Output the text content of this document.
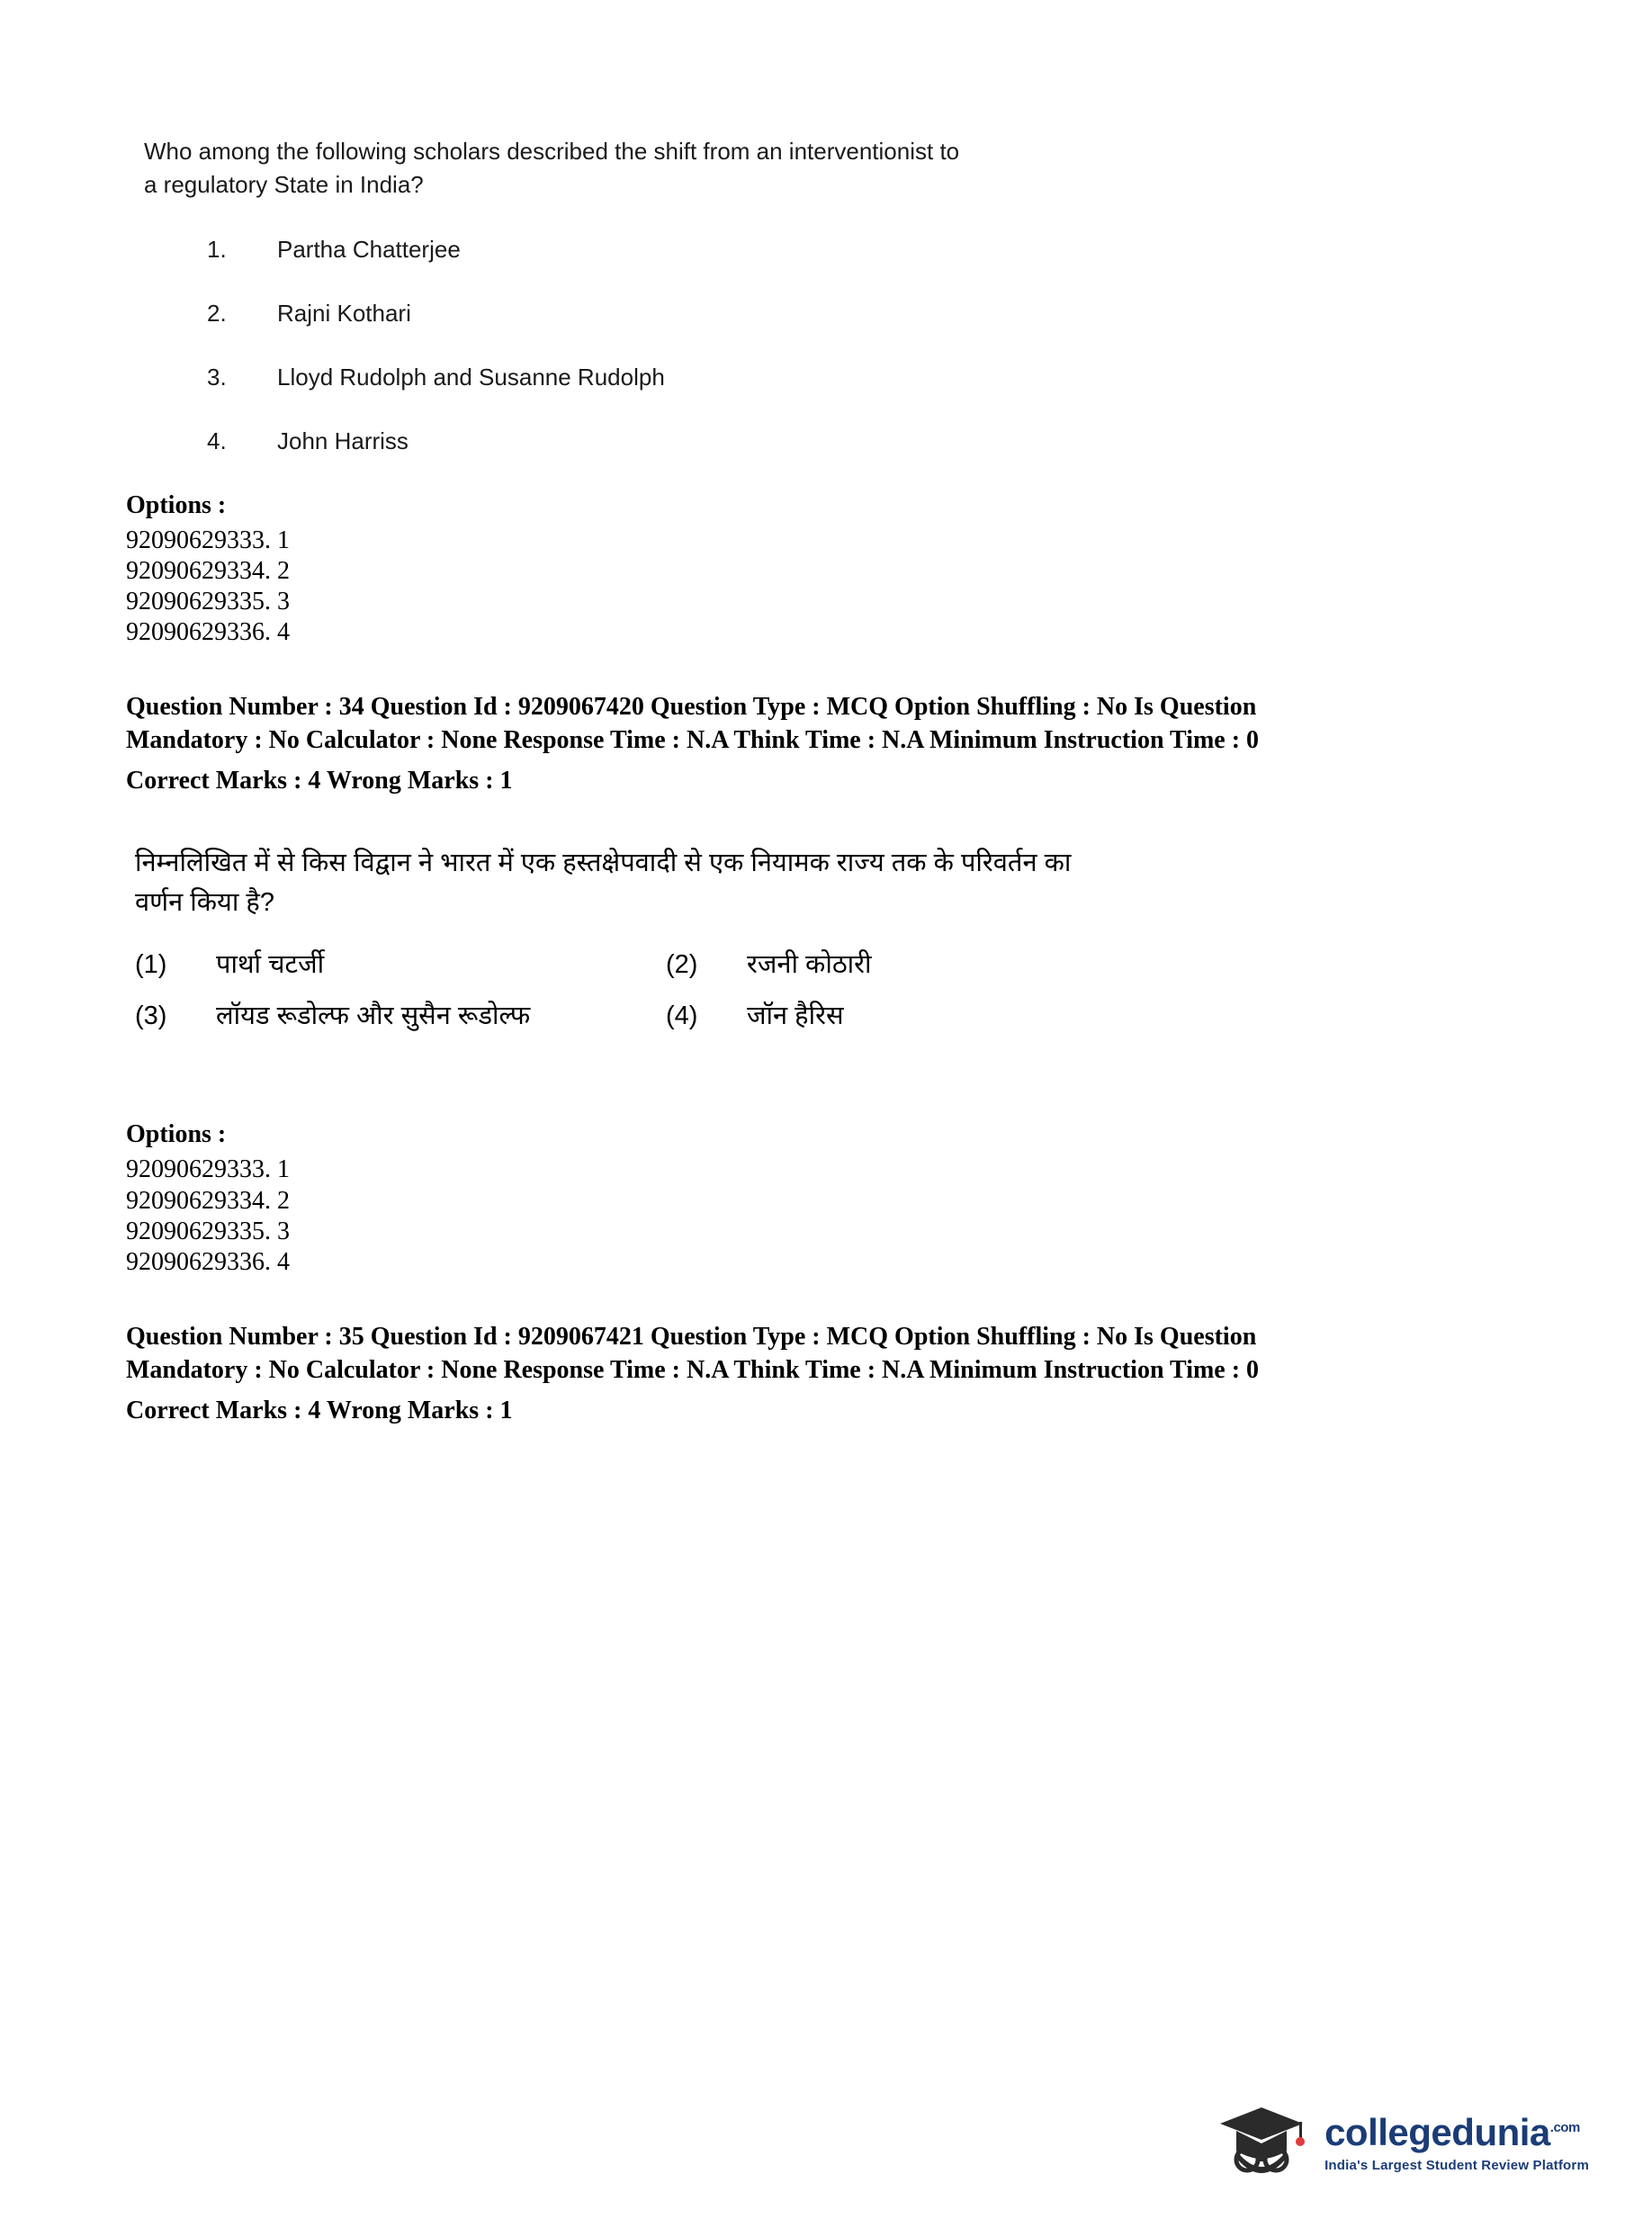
Who among the following scholars described the shift from an interventionist to
a regulatory State in India?
1.	Partha Chatterjee
2.	Rajni Kothari
3.	Lloyd Rudolph and Susanne Rudolph
4.	John Harriss
Options :
92090629333. 1
92090629334. 2
92090629335. 3
92090629336. 4
Question Number : 34 Question Id : 9209067420 Question Type : MCQ Option Shuffling : No Is Question Mandatory : No Calculator : None Response Time : N.A Think Time : N.A Minimum Instruction Time : 0
Correct Marks : 4 Wrong Marks : 1
निम्नलिखित में से किस विद्वान ने भारत में एक हस्तक्षेपवादी से एक नियामक राज्य तक के परिवर्तन का
वर्णन किया है?
(1)	पार्था चटर्जी	(2)	रजनी कोठारी
(3)	लॉयड रूडोल्फ और सुसैन रूडोल्फ	(4)	जॉन हैरिस
Options :
92090629333. 1
92090629334. 2
92090629335. 3
92090629336. 4
Question Number : 35 Question Id : 9209067421 Question Type : MCQ Option Shuffling : No Is Question Mandatory : No Calculator : None Response Time : N.A Think Time : N.A Minimum Instruction Time : 0
Correct Marks : 4 Wrong Marks : 1
collegedunia$^{.com}$
India's Largest Student Review Platform
